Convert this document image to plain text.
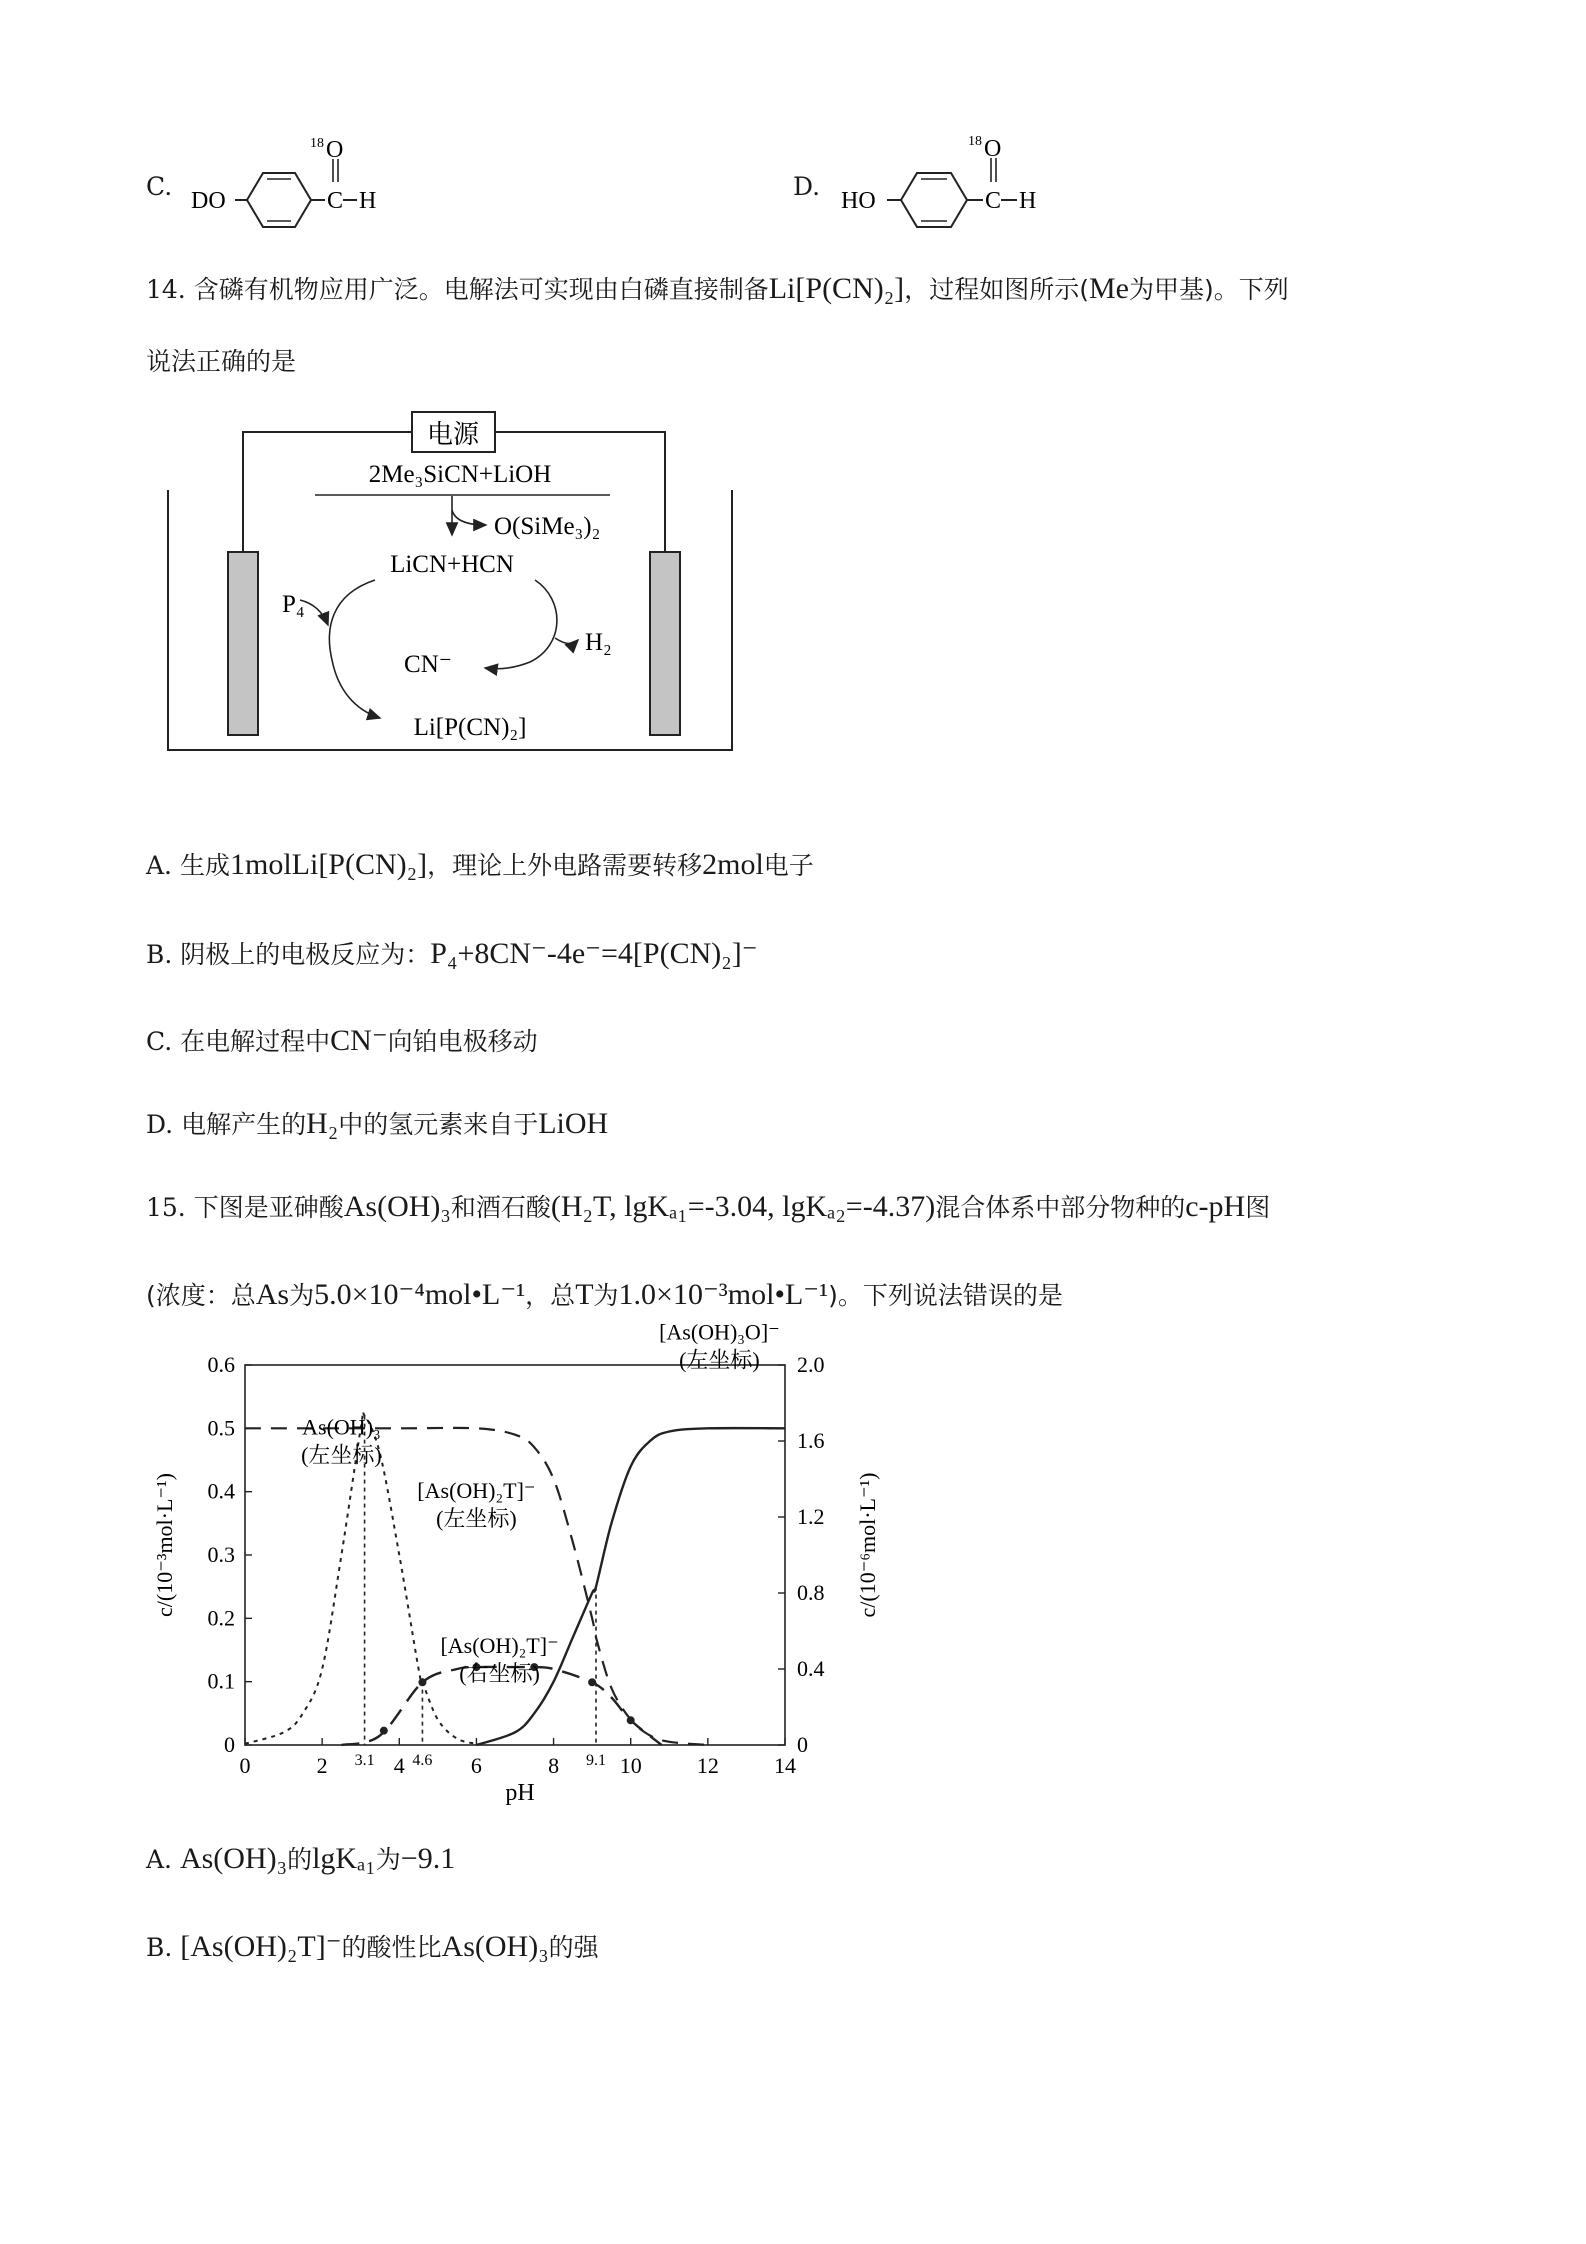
C. DO	C H
18 O
D. HO	C H
18 O
14. 含磷有机物应用广泛。电解法可实现由白磷直接制备Li[P(CN)₂]，过程如图所示(Me为甲基)。下列
说法正确的是
电源
2Me₃SiCN+LiOH
O(SiMe₃)₂
LiCN+HCN
P₄
H₂
CN⁻
Li[P(CN)₂]
A. 生成1molLi[P(CN)₂]，理论上外电路需要转移2mol电子
B. 阴极上的电极反应为：P₄+8CN⁻-4e⁻=4[P(CN)₂]⁻
C. 在电解过程中CN⁻向铂电极移动
D. 电解产生的H₂中的氢元素来自于LiOH
15. 下图是亚砷酸As(OH)₃和酒石酸(H₂T, lgKₐ₁=-3.04, lgKₐ₂=-4.37)混合体系中部分物种的c-pH图
(浓度：总As为5.0×10⁻⁴mol•L⁻¹，总T为1.0×10⁻³mol•L⁻¹)。下列说法错误的是
0	2	4	6	8	10	12	14
0
0.1
0.2
0.3
0.4
0.5
0.6
0
0.4
0.8
1.2
1.6
2.0
3.1 4.6	9.1
As(OH)₃
(左坐标)
[As(OH)₂T]⁻
(左坐标)
[As(OH)₂T]⁻
(右坐标)
[As(OH)₃O]⁻
(左坐标)
pH
c/(10⁻³mol·L⁻¹)	c/(10⁻⁶mol·L⁻¹)
A. As(OH)₃的lgKₐ₁为−9.1
B. [As(OH)₂T]⁻的酸性比As(OH)₃的强
